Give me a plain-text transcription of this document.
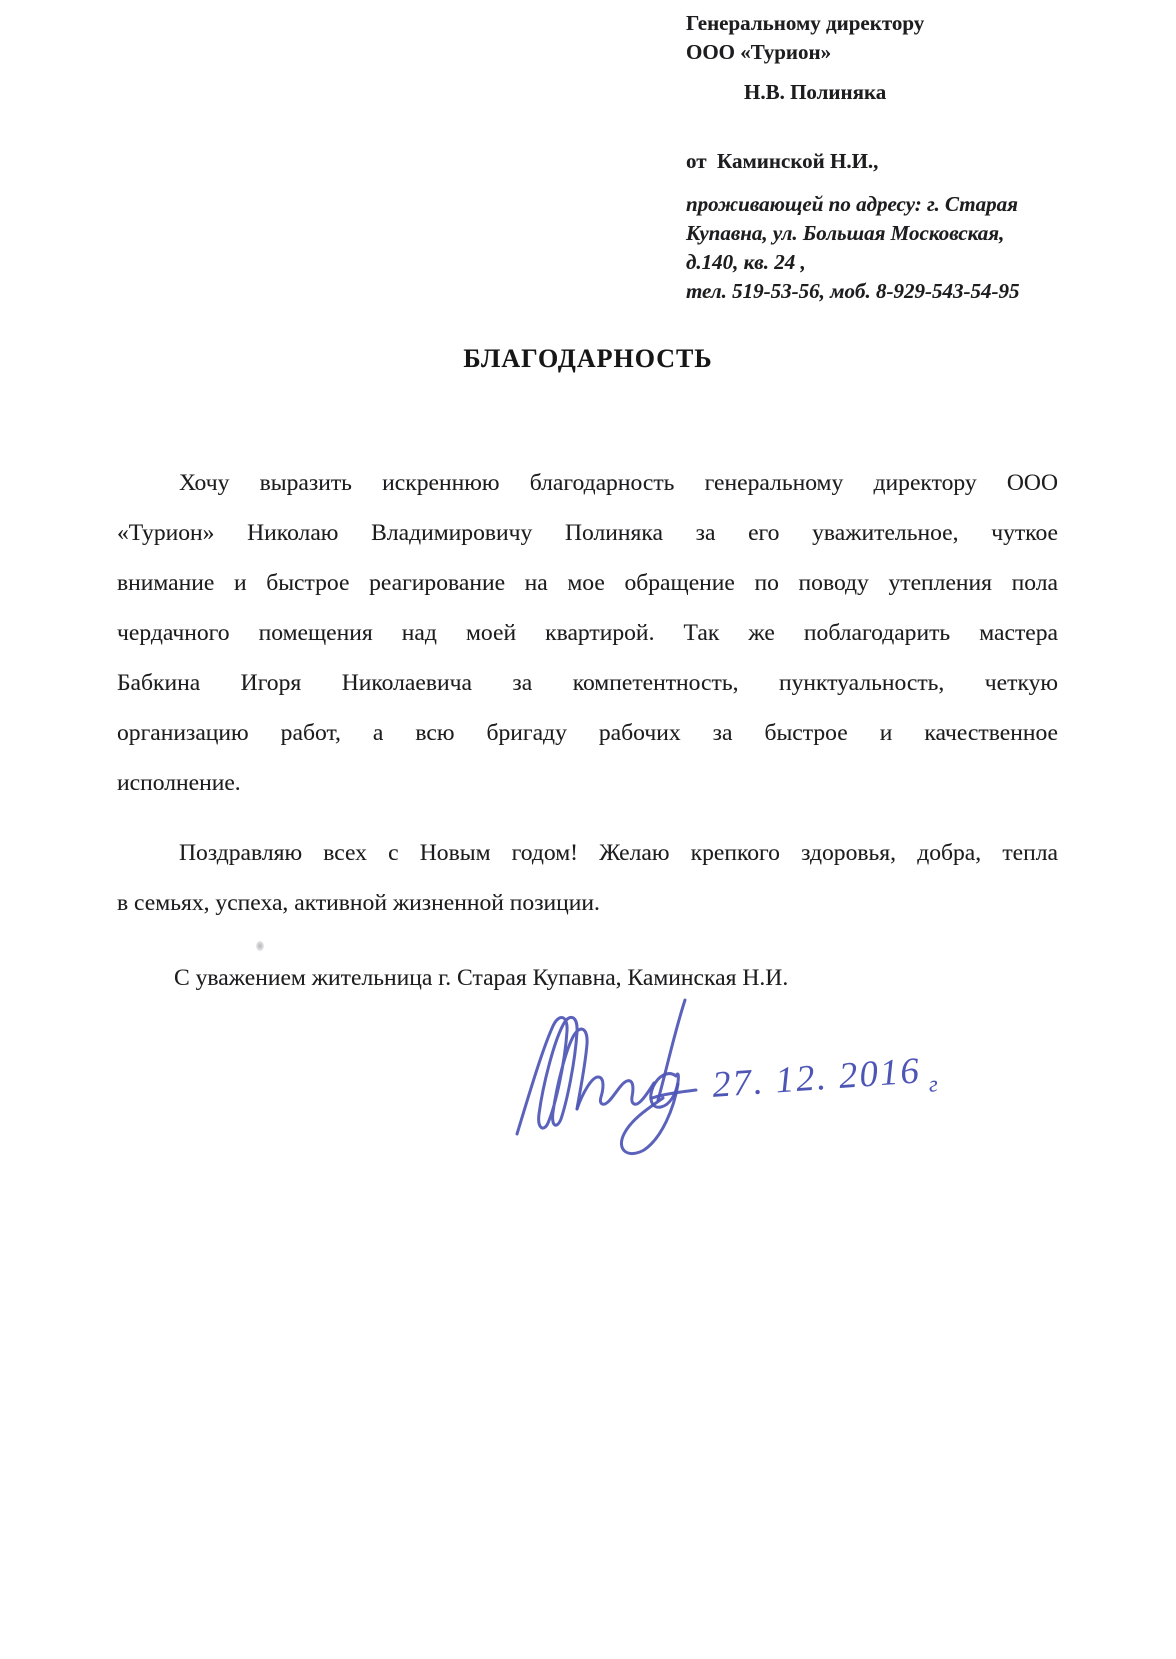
Генеральному директору
ООО «Турион»
Н.В. Полиняка
от  Каминской Н.И.,
проживающей по адресу: г. Старая
Купавна, ул. Большая Московская,
д.140, кв. 24 ,
тел. 519-53-56, моб. 8-929-543-54-95
БЛАГОДАРНОСТЬ
Хочу выразить искреннюю благодарность генеральному директору ООО
«Турион» Николаю Владимировичу Полиняка за его уважительное, чуткое
внимание и быстрое реагирование на мое обращение по поводу утепления пола
чердачного помещения над моей квартирой. Так же поблагодарить мастера
Бабкина Игоря Николаевича за компетентность, пунктуальность, четкую
организацию работ, а всю бригаду рабочих за быстрое и качественное
исполнение.
Поздравляю всех с Новым годом! Желаю крепкого здоровья, добра, тепла
в семьях, успеха, активной жизненной позиции.
С уважением жительница г. Старая Купавна, Каминская Н.И.
27. 12. 2016 $_г$
